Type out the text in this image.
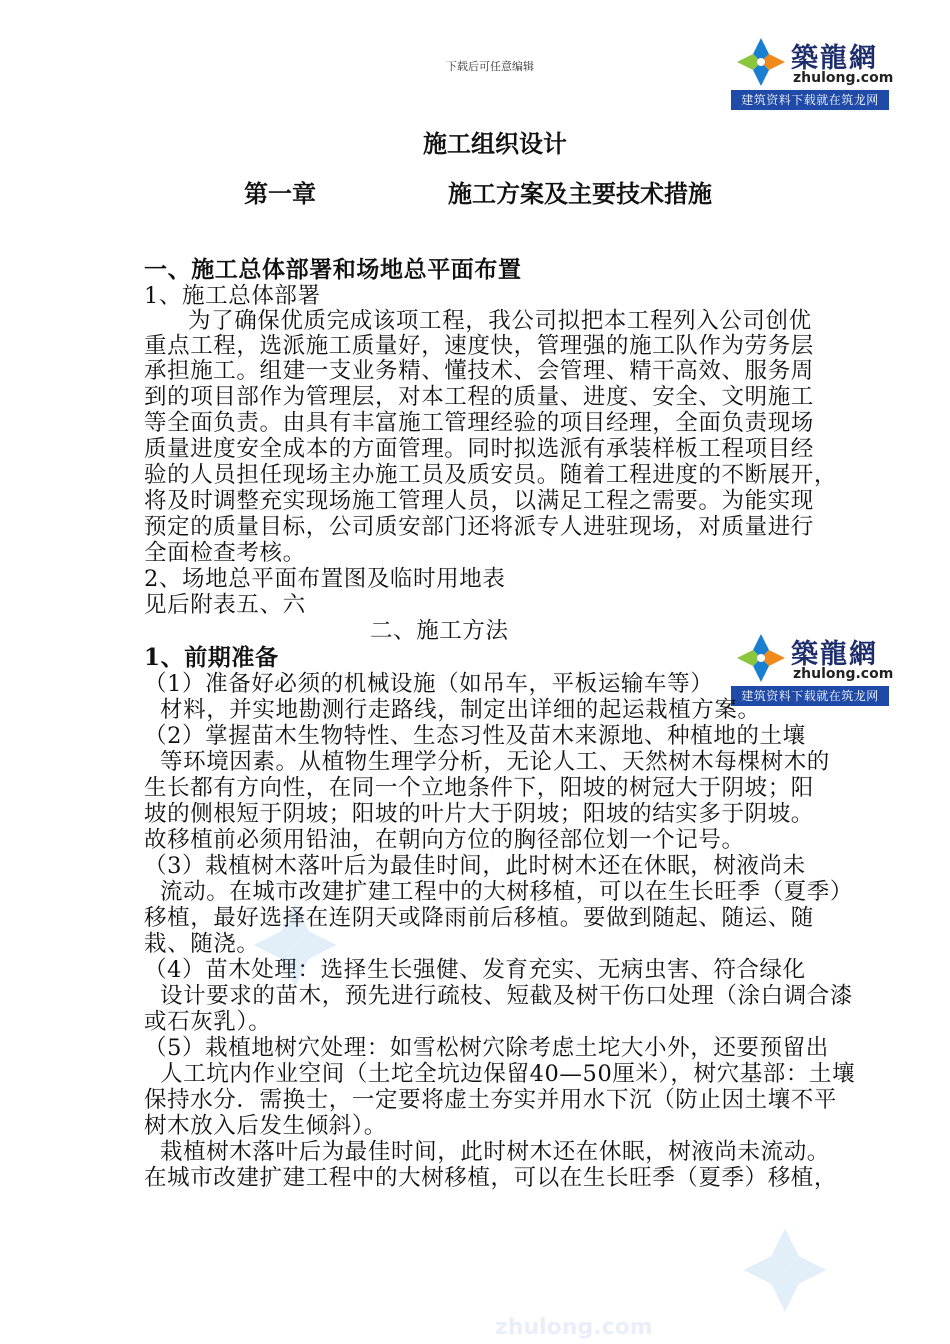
下载后可任意编辑	築龍網
zhulong.com
建筑资料下载就在筑龙网
築龍網
zhulong.com
建筑资料下载就在筑龙网
zhulong.com
施工组织设计
第一章	施工方案及主要技术措施
一、施工总体部署和场地总平面布置
1、施工总体部署
为了确保优质完成该项工程，我公司拟把本工程列入公司创优
重点工程，选派施工质量好，速度快，管理强的施工队作为劳务层
承担施工。组建一支业务精、懂技术、会管理、精干高效、服务周
到的项目部作为管理层，对本工程的质量、进度、安全、文明施工
等全面负责。由具有丰富施工管理经验的项目经理，全面负责现场
质量进度安全成本的方面管理。同时拟选派有承装样板工程项目经
验的人员担任现场主办施工员及质安员。随着工程进度的不断展开，
将及时调整充实现场施工管理人员，以满足工程之需要。为能实现
预定的质量目标，公司质安部门还将派专人进驻现场，对质量进行
全面检查考核。
2、场地总平面布置图及临时用地表
见后附表五、六
二、施工方法
1、前期准备
（1）准备好必须的机械设施（如吊车，平板运输车等）
材料，并实地勘测行走路线，制定出详细的起运栽植方案。
（2）掌握苗木生物特性、生态习性及苗木来源地、种植地的土壤
等环境因素。从植物生理学分析，无论人工、天然树木每棵树木的
生长都有方向性，在同一个立地条件下，阳坡的树冠大于阴坡；阳
坡的侧根短于阴坡；阳坡的叶片大于阴坡；阳坡的结实多于阴坡。
故移植前必须用铅油，在朝向方位的胸径部位划一个记号。
（3）栽植树木落叶后为最佳时间，此时树木还在休眠，树液尚未
流动。在城市改建扩建工程中的大树移植，可以在生长旺季（夏季）
移植，最好选择在连阴天或降雨前后移植。要做到随起、随运、随
栽、随浇。
（4）苗木处理：选择生长强健、发育充实、无病虫害、符合绿化
设计要求的苗木，预先进行疏枝、短截及树干伤口处理（涂白调合漆
或石灰乳）。
（5）栽植地树穴处理：如雪松树穴除考虑土坨大小外，还要预留出
人工坑内作业空间（土坨全坑边保留40—50厘米），树穴基部：土壤
保持水分．需换士，一定要将虚土夯实并用水下沉（防止因土壤不平
树木放入后发生倾斜）。
栽植树木落叶后为最佳时间，此时树木还在休眠，树液尚未流动。
在城市改建扩建工程中的大树移植，可以在生长旺季（夏季）移植，
